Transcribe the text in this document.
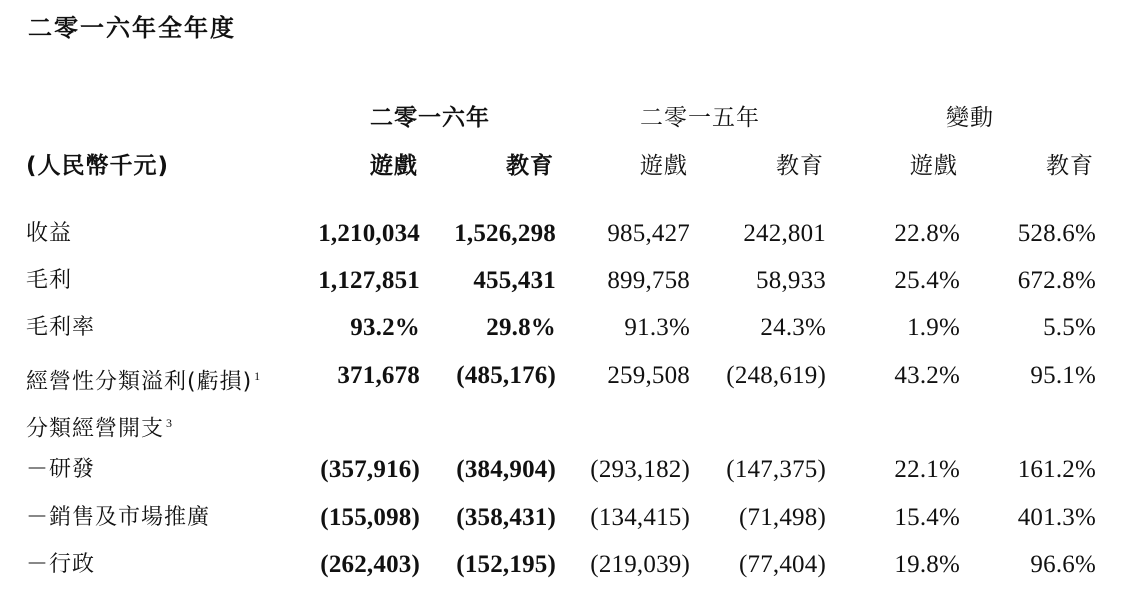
二零一六年全年度
二零一六年	二零一五年	變動
(人民幣千元)	遊戲	教育	遊戲	教育	遊戲	教育
收益	1,210,034	1,526,298	985,427	242,801	22.8%	528.6%
毛利	1,127,851	455,431	899,758	58,933	25.4%	672.8%
毛利率	93.2%	29.8%	91.3%	24.3%	1.9%	5.5%
經營性分類溢利(虧損) $^1$	371,678	(485,176)	259,508	(248,619)	43.2%	95.1%
分類經營開支 $^3$
－研發	(357,916)	(384,904)	(293,182)	(147,375)	22.1%	161.2%
－銷售及市場推廣	(155,098)	(358,431)	(134,415)	(71,498)	15.4%	401.3%
－行政	(262,403)	(152,195)	(219,039)	(77,404)	19.8%	96.6%
